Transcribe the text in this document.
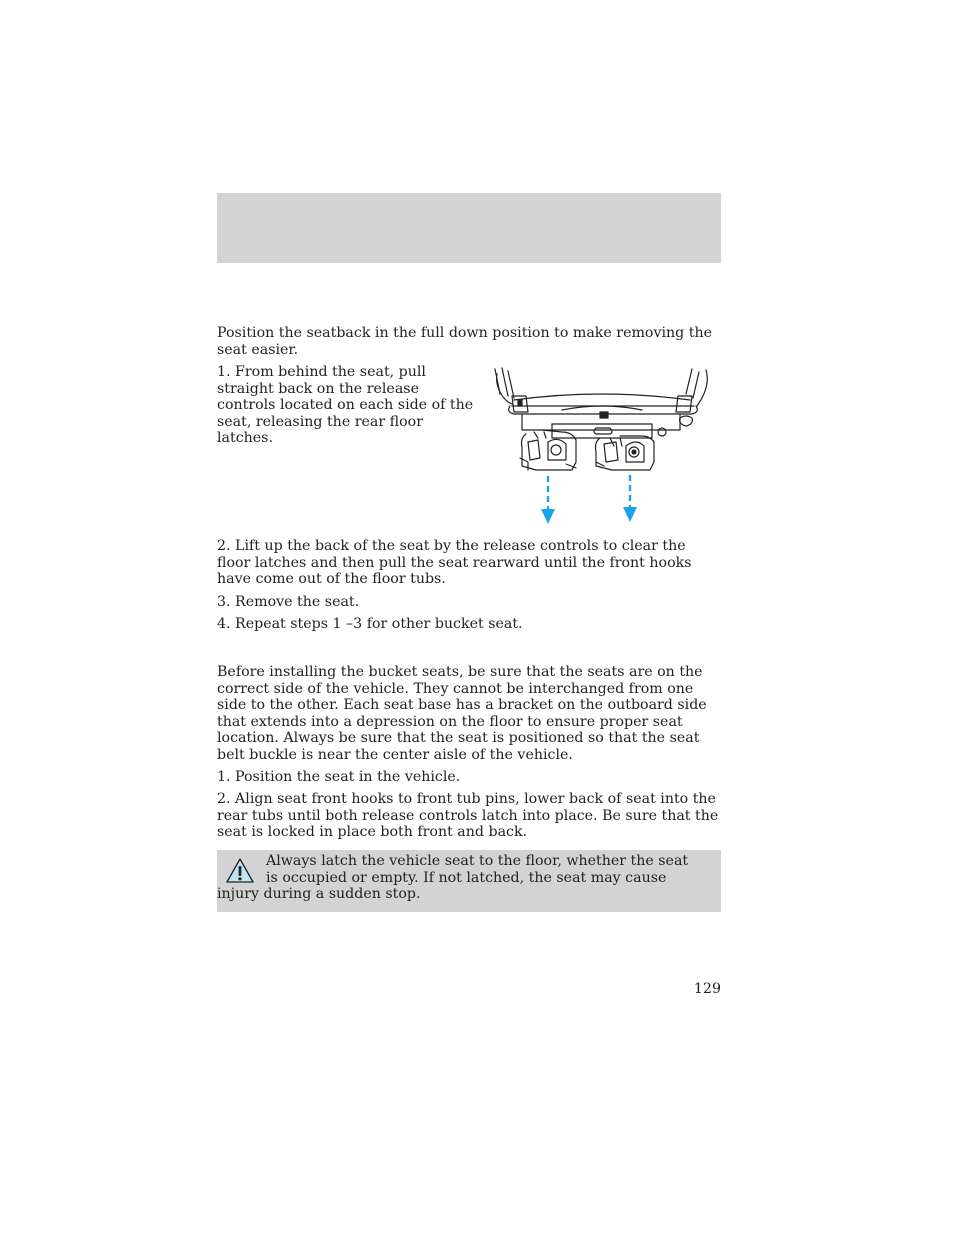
Position the seatback in the full down position to make removing the seat easier.

1. From behind the seat, pull straight back on the release controls located on each side of the seat, releasing the rear floor latches.

2. Lift up the back of the seat by the release controls to clear the floor latches and then pull the seat rearward until the front hooks have come out of the floor tubs.

3. Remove the seat.

4. Repeat steps 1 –3 for other bucket seat.

Before installing the bucket seats, be sure that the seats are on the correct side of the vehicle. They cannot be interchanged from one side to the other. Each seat base has a bracket on the outboard side that extends into a depression on the floor to ensure proper seat location. Always be sure that the seat is positioned so that the seat belt buckle is near the center aisle of the vehicle.

1. Position the seat in the vehicle.

2. Align seat front hooks to front tub pins, lower back of seat into the rear tubs until both release controls latch into place. Be sure that the seat is locked in place both front and back.

Always latch the vehicle seat to the floor, whether the seat is occupied or empty. If not latched, the seat may cause injury during a sudden stop.

129
